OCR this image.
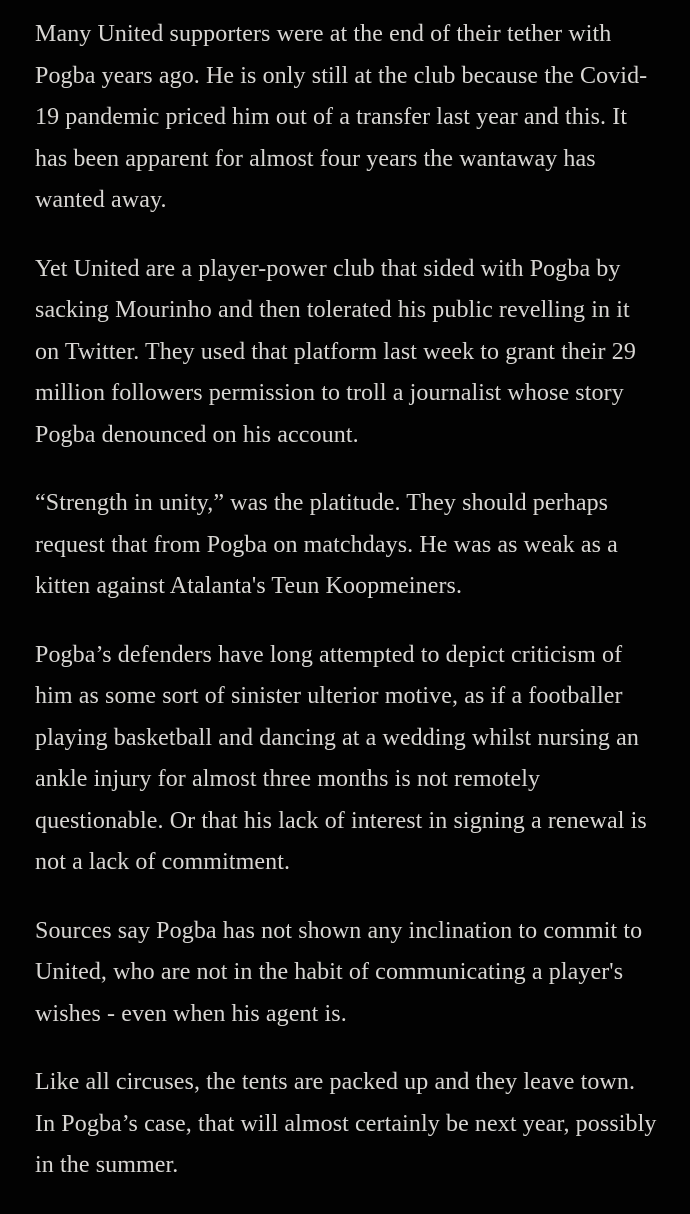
Many United supporters were at the end of their tether with Pogba years ago. He is only still at the club because the Covid-19 pandemic priced him out of a transfer last year and this. It has been apparent for almost four years the wantaway has wanted away.

Yet United are a player-power club that sided with Pogba by sacking Mourinho and then tolerated his public revelling in it on Twitter. They used that platform last week to grant their 29 million followers permission to troll a journalist whose story Pogba denounced on his account.

“Strength in unity,” was the platitude. They should perhaps request that from Pogba on matchdays. He was as weak as a kitten against Atalanta's Teun Koopmeiners.

Pogba’s defenders have long attempted to depict criticism of him as some sort of sinister ulterior motive, as if a footballer playing basketball and dancing at a wedding whilst nursing an ankle injury for almost three months is not remotely questionable. Or that his lack of interest in signing a renewal is not a lack of commitment.

Sources say Pogba has not shown any inclination to commit to United, who are not in the habit of communicating a player's wishes - even when his agent is.

Like all circuses, the tents are packed up and they leave town. In Pogba’s case, that will almost certainly be next year, possibly in the summer.
